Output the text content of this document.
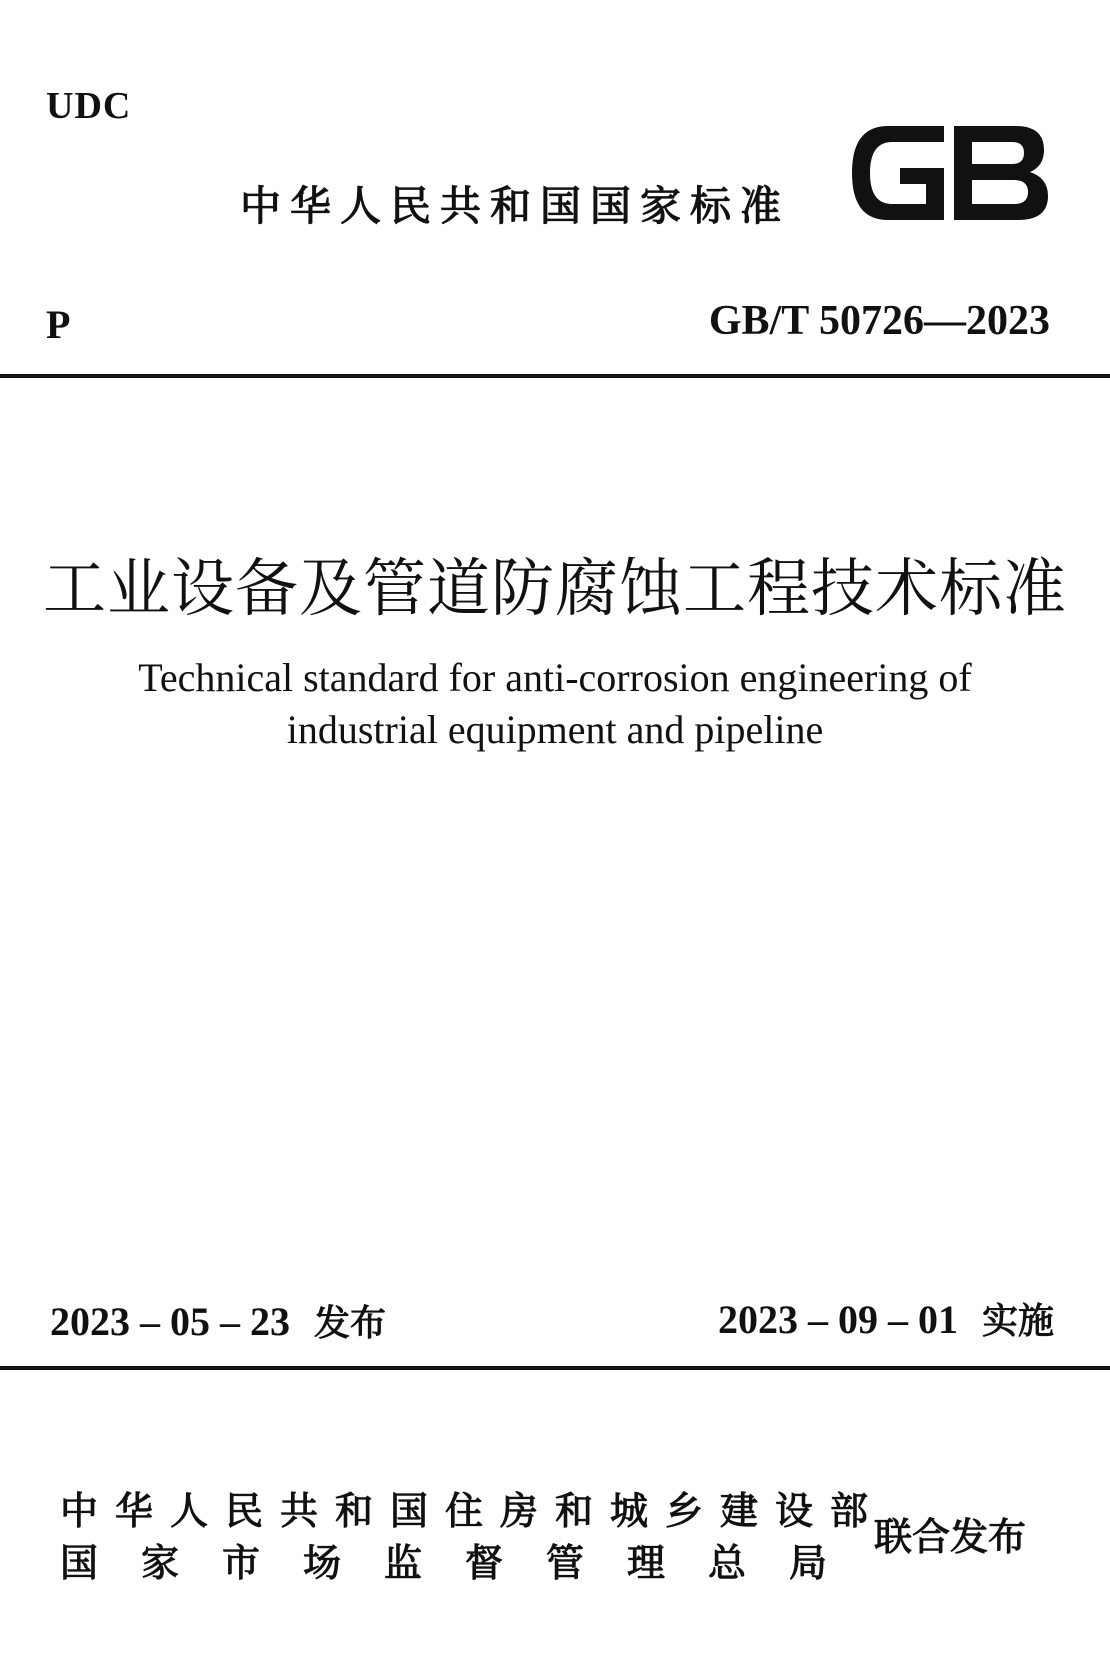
UDC
中华人民共和国国家标准
P	GB/T 50726—2023
工业设备及管道防腐蚀工程技术标准
Technical standard for anti-corrosion engineering of
industrial equipment and pipeline
2023 – 05 – 23 发布	2023 – 09 – 01 实施
中华人民共和国住房和城乡建设部
国家市场监督管理总局
联合发布
